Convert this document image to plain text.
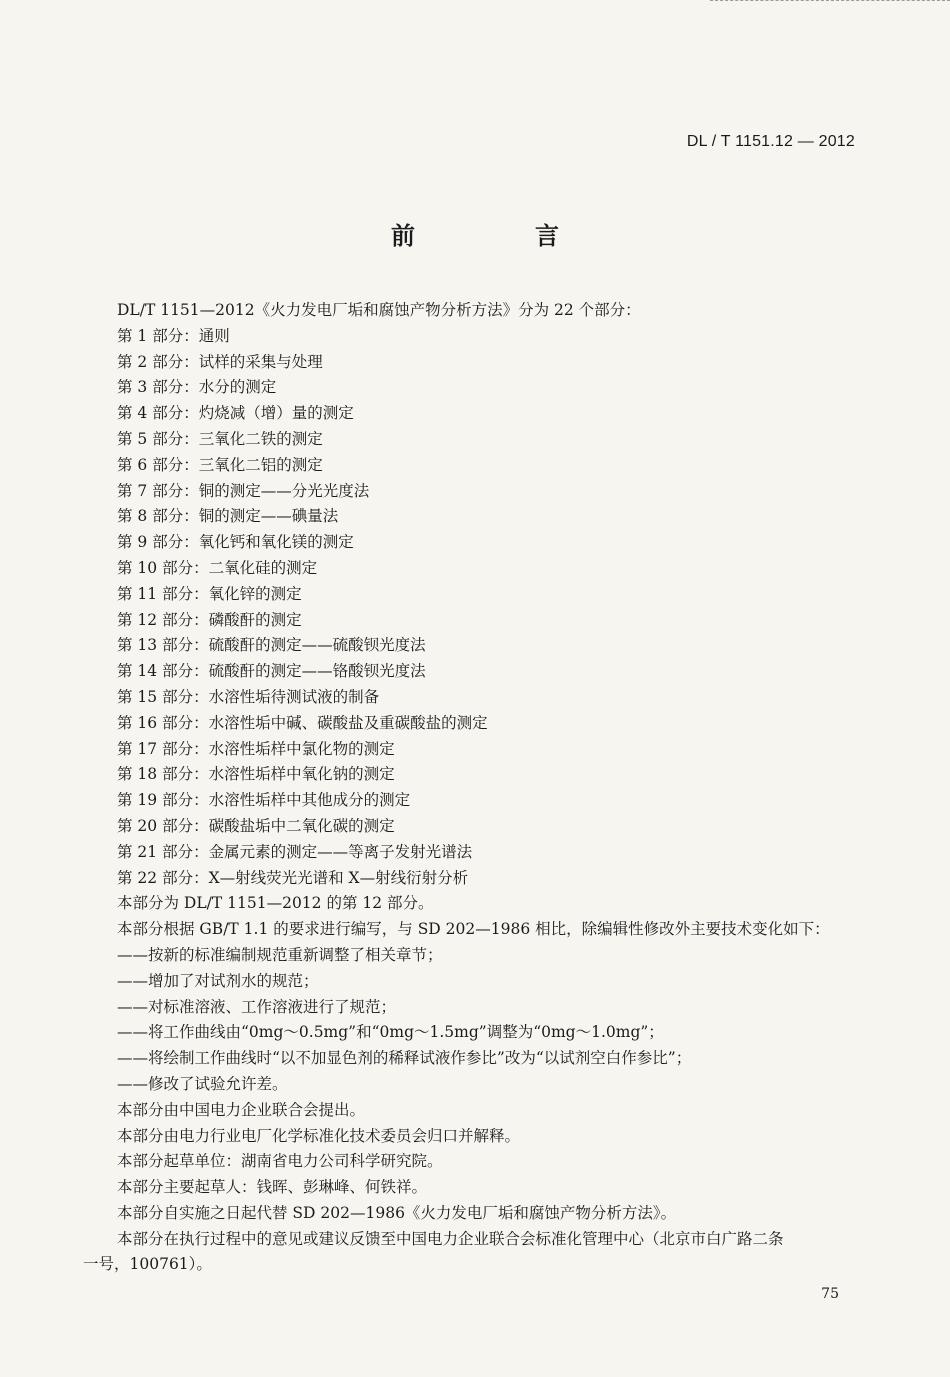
DL / T 1151.12 — 2012
前　言

DL/T 1151—2012《火力发电厂垢和腐蚀产物分析方法》分为 22 个部分：

第 1 部分：通则

第 2 部分：试样的采集与处理

第 3 部分：水分的测定

第 4 部分：灼烧减（增）量的测定

第 5 部分：三氧化二铁的测定

第 6 部分：三氧化二铝的测定

第 7 部分：铜的测定——分光光度法

第 8 部分：铜的测定——碘量法

第 9 部分：氧化钙和氧化镁的测定

第 10 部分：二氧化硅的测定

第 11 部分：氧化锌的测定

第 12 部分：磷酸酐的测定

第 13 部分：硫酸酐的测定——硫酸钡光度法

第 14 部分：硫酸酐的测定——铬酸钡光度法

第 15 部分：水溶性垢待测试液的制备

第 16 部分：水溶性垢中碱、碳酸盐及重碳酸盐的测定

第 17 部分：水溶性垢样中氯化物的测定

第 18 部分：水溶性垢样中氧化钠的测定

第 19 部分：水溶性垢样中其他成分的测定

第 20 部分：碳酸盐垢中二氧化碳的测定

第 21 部分：金属元素的测定——等离子发射光谱法

第 22 部分：X—射线荧光光谱和 X—射线衍射分析

本部分为 DL/T 1151—2012 的第 12 部分。

本部分根据 GB/T 1.1 的要求进行编写，与 SD 202—1986 相比，除编辑性修改外主要技术变化如下：

——按新的标准编制规范重新调整了相关章节；

——增加了对试剂水的规范；

——对标准溶液、工作溶液进行了规范；

——将工作曲线由“0mg～0.5mg”和“0mg～1.5mg”调整为“0mg～1.0mg”；

——将绘制工作曲线时“以不加显色剂的稀释试液作参比”改为“以试剂空白作参比”；

——修改了试验允许差。

本部分由中国电力企业联合会提出。

本部分由电力行业电厂化学标准化技术委员会归口并解释。

本部分起草单位：湖南省电力公司科学研究院。

本部分主要起草人：钱晖、彭琳峰、何铁祥。

本部分自实施之日起代替 SD 202—1986《火力发电厂垢和腐蚀产物分析方法》。

本部分在执行过程中的意见或建议反馈至中国电力企业联合会标准化管理中心（北京市白广路二条
一号，100761）。
75
